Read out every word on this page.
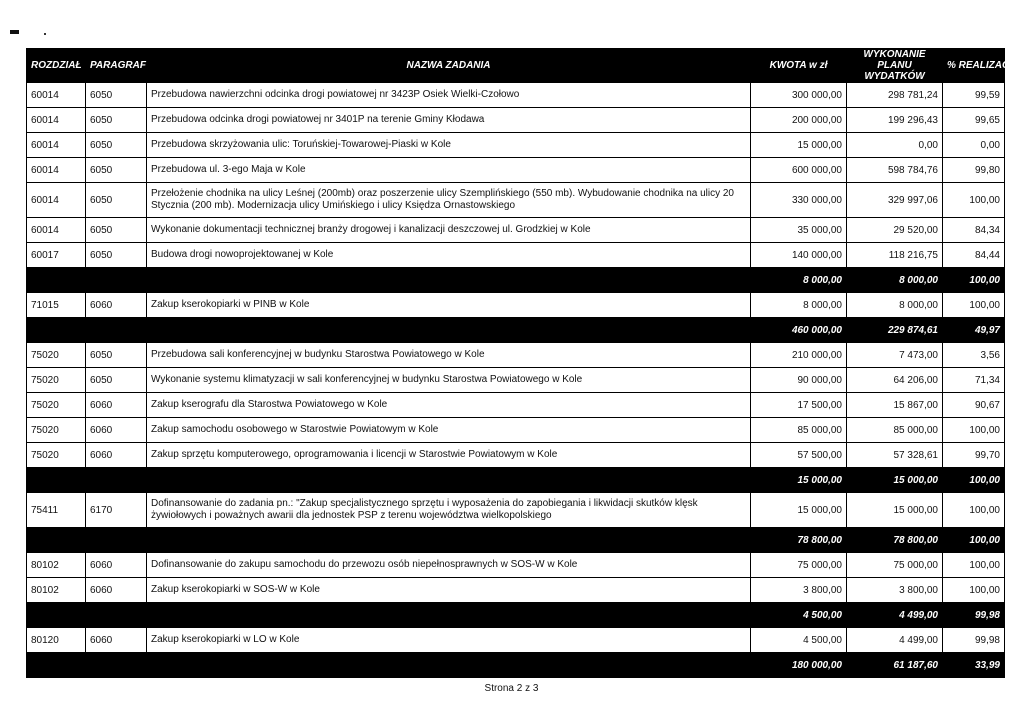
ROZDZIAŁ	PARAGRAF	NAZWA ZADANIA	KWOTA w zł	WYKONANIE PLANU WYDATKÓW	% REALIZACJI
60014	6050	Przebudowa nawierzchni odcinka drogi powiatowej nr 3423P Osiek Wielki-Czołowo	300 000,00	298 781,24	99,59
60014	6050	Przebudowa odcinka drogi powiatowej nr 3401P na terenie Gminy Kłodawa	200 000,00	199 296,43	99,65
60014	6050	Przebudowa skrzyżowania ulic: Toruńskiej-Towarowej-Piaski w Kole	15 000,00	0,00	0,00
60014	6050	Przebudowa ul. 3-ego Maja w Kole	600 000,00	598 784,76	99,80
60014	6050	Przełożenie chodnika na ulicy Leśnej (200mb) oraz poszerzenie ulicy Szemplińskiego (550 mb). Wybudowanie chodnika na ulicy 20 Stycznia (200 mb). Modernizacja ulicy Umińskiego i ulicy Księdza Ornastowskiego	330 000,00	329 997,06	100,00
60014	6050	Wykonanie dokumentacji technicznej branży drogowej i kanalizacji deszczowej ul. Grodzkiej w Kole	35 000,00	29 520,00	84,34
60017	6050	Budowa drogi nowoprojektowanej w Kole	140 000,00	118 216,75	84,44
			8 000,00	8 000,00	100,00
71015	6060	Zakup kserokopiarki w PINB w Kole	8 000,00	8 000,00	100,00
			460 000,00	229 874,61	49,97
75020	6050	Przebudowa sali konferencyjnej w budynku Starostwa Powiatowego w Kole	210 000,00	7 473,00	3,56
75020	6050	Wykonanie systemu klimatyzacji w sali konferencyjnej w budynku Starostwa Powiatowego w Kole	90 000,00	64 206,00	71,34
75020	6060	Zakup kserografu dla Starostwa Powiatowego w Kole	17 500,00	15 867,00	90,67
75020	6060	Zakup samochodu osobowego w Starostwie Powiatowym w Kole	85 000,00	85 000,00	100,00
75020	6060	Zakup sprzętu komputerowego, oprogramowania i licencji w Starostwie Powiatowym w Kole	57 500,00	57 328,61	99,70
			15 000,00	15 000,00	100,00
75411	6170	Dofinansowanie do zadania pn.: "Zakup specjalistycznego sprzętu i wyposażenia do zapobiegania i likwidacji skutków klęsk żywiołowych i poważnych awarii dla jednostek PSP z terenu województwa wielkopolskiego	15 000,00	15 000,00	100,00
			78 800,00	78 800,00	100,00
80102	6060	Dofinansowanie do zakupu samochodu do przewozu osób niepełnosprawnych w SOS-W w Kole	75 000,00	75 000,00	100,00
80102	6060	Zakup kserokopiarki w SOS-W w Kole	3 800,00	3 800,00	100,00
			4 500,00	4 499,00	99,98
80120	6060	Zakup kserokopiarki w LO w Kole	4 500,00	4 499,00	99,98
			180 000,00	61 187,60	33,99
Strona 2 z 3
